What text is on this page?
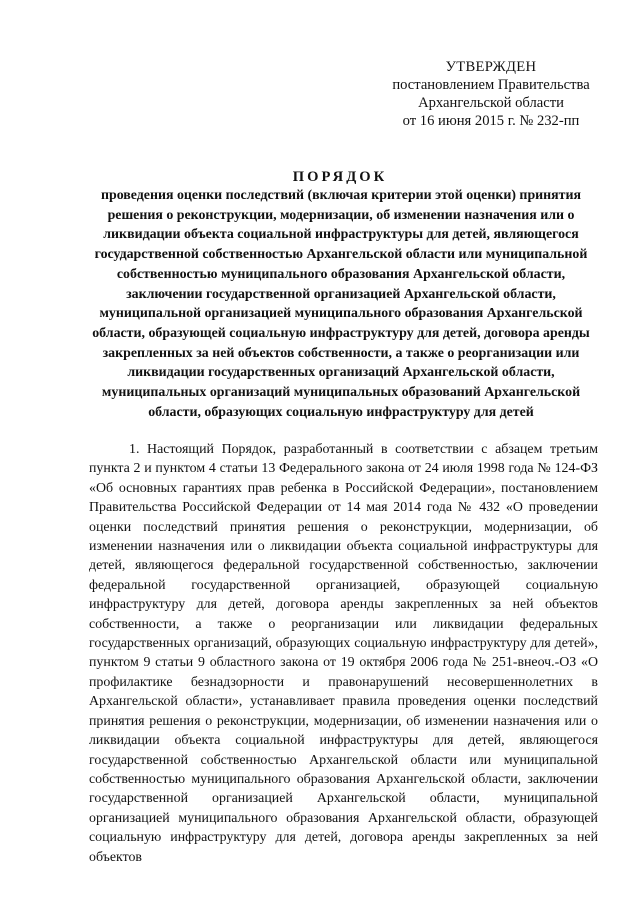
УТВЕРЖДЕН
постановлением Правительства
Архангельской области
от 16 июня 2015 г. № 232-пп
ПОРЯДОК
проведения оценки последствий (включая критерии этой оценки) принятия решения о реконструкции, модернизации, об изменении назначения или о ликвидации объекта социальной инфраструктуры для детей, являющегося государственной собственностью Архангельской области или муниципальной собственностью муниципального образования Архангельской области, заключении государственной организацией Архангельской области, муниципальной организацией муниципального образования Архангельской области, образующей социальную инфраструктуру для детей, договора аренды закрепленных за ней объектов собственности, а также о реорганизации или ликвидации государственных организаций Архангельской области, муниципальных организаций муниципальных образований Архангельской области, образующих социальную инфраструктуру для детей

1. Настоящий Порядок, разработанный в соответствии с абзацем третьим пункта 2 и пунктом 4 статьи 13 Федерального закона от 24 июля 1998 года № 124-ФЗ «Об основных гарантиях прав ребенка в Российской Федерации», постановлением Правительства Российской Федерации от 14 мая 2014 года № 432 «О проведении оценки последствий принятия решения о реконструкции, модернизации, об изменении назначения или о ликвидации объекта социальной инфраструктуры для детей, являющегося федеральной государственной собственностью, заключении федеральной государственной организацией, образующей социальную инфраструктуру для детей, договора аренды закрепленных за ней объектов собственности, а также о реорганизации или ликвидации федеральных государственных организаций, образующих социальную инфраструктуру для детей», пунктом 9 статьи 9 областного закона от 19 октября 2006 года № 251-внеоч.-ОЗ «О профилактике безнадзорности и правонарушений несовершеннолетних в Архангельской области», устанавливает правила проведения оценки последствий принятия решения о реконструкции, модернизации, об изменении назначения или о ликвидации объекта социальной инфраструктуры для детей, являющегося государственной собственностью Архангельской области или муниципальной собственностью муниципального образования Архангельской области, заключении государственной организацией Архангельской области, муниципальной организацией муниципального образования Архангельской области, образующей социальную инфраструктуру для детей, договора аренды закрепленных за ней объектов
